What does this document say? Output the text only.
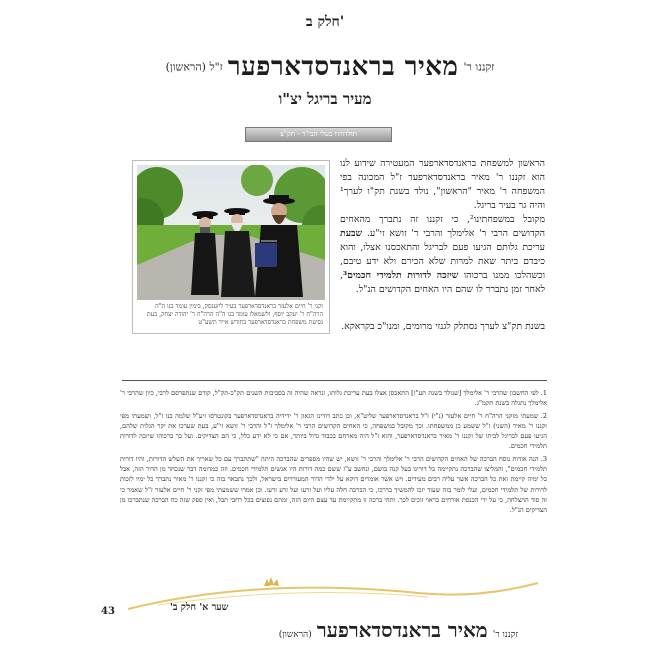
חלק ב'
זקננו ר' מאיר בראנדסדארפער ז"ל (הראשון)
מעיר בריגל יצ"ו
תולדותיו בעלי הבי"ד - תק"צ
זקני ר' חיים אלעזר בראנדסדארפער בעיר ליזענסק, בימין עומד בנו ה"ה הרה"ח ר' יעקב יוסף, ולשמאלו עומד בנו ה"ה הרה"ח ר' יהודה יצחק, בעת נסיעת משפחת בראנדסדארפער בחודש אייר תשע"ט
הראשון למשפחת בראנדסדארפער המעטירה שידוע לנו הוא זקננו ר' מאיר בראנדסדארפער ז"ל המכונה בפי המשפחה ר' מאיר "הראשון", נולד בשנת תק"ו לערך¹ והיה גר בעיר בריגל.
מקובל במשפחתינו², כי זקננו זה נתברך מהאחים הקדושים הרבי ר' אלימלך והרבי ר' זושא זי"ע. שבעת עריכת גלותם הגיעו פעם לבריגל והתאכסנו אצלו, והוא כיבדם ביתר שאת למרות שלא הכירם ולא ידע טיבם, וכשהלכו ממנו ברכוהו שיזכה לדורות תלמידי חכמים³, לאחר זמן נתברר לו שהם היו האחים הקדושים הנ"ל.
בשנת תק"צ לערך נסתלק לגנזי מרומים, ומנו"כ בקראקא.

1. לפי החשבון שהרבי ר' אלימלך [שנולד בשנת תע"ז] התאכסן אצלו בעת עריכת גלותו, ונראה שהיה זה בסביבות השנים תק"כ-תק"ל, קודם שנתפרסם לרבי, כיון שהרבי ר' אלימלך נתגלה בשנת תקמ"ג.

2. שמעתי מזקני הרה"ח ר' חיים אלעזר (נ"י) ז"ל בראנדסדארפער שליט"א, וכן כתב דודינו הגאון ר' ידידיה בראנדסדארפער בקונטרסו זיע"ל שלמה בנו ז"ל, ושמעתי מפי זקננו ר' מאיר (השני) ז"ל ששמע כן ממשפחתו. וכך מקובל במשפחה, כי האחים הקדושים הרבי ר' אלימלך ז"ל והרבי ר' זושא זי"ע, בעת שערכו את יקר הגלות שלהם, הגיעו פעם לבריגל לביתו של זקננו ר' מאיר בראנדסדארפער, והוא ז"ל היה מארחם בכבוד גדול ביותר, אם כי לא ידע כלל, כי הם הצדיקים. ועל כך ברכוהו שיזכה לדורות תלמידי חכמים.

3. הנה אודות נוסח הברכה של האחים הקדושים הרבי ר' אלימלך והרבי ר' זושא, יש שהיו מספרים שהברכה היתה "שתתברך עם כל שאריך את השלש הדורות, והיו דורות תלמידי חכמים", והמליצו שהברכה נתקיימה כל דורינו בעל קנה בושם, ונחשב ע"ז ששם כמה דורות היו אנשים תלמידי חכמים. וזה כמדומה דבר שנכחד מן הדור הזה, אבל כל ימיה קיימת ואת כל הברכה אשר עליה רבים מעידים. ויש אשר אומרים דוקא על ילדי הדור המעוררים בישראל, ולכך נתבאר בזה כי זקננו ר' מאיר נתברך כל ימיו לזכות לדורות של תלמידי חכמים, ועלי לומר בזה שעוד יזכו להמשיך בדרכו, כי הברכה חלה עליו ועל זרעו ועל זרע זרעו. וכן אמרו ששמעתי מפי זקני ר' חיים אלעזר ז"ל שאמר כי זה סוד ההצלחה, כי על ידי הכנסת אורחים כראוי זוכים לכך. ותהי ברכה זו מתקיימת עד עצם היום הזה, ומהם נפוצים בכל רחבי תבל, ואין ספק שזה כח הברכה שנתברכו מן הצדיקים הנ"ל.

43	שער א' חלק ב'
זקננו ר' מאיר בראנדסדארפער (הראשון)
